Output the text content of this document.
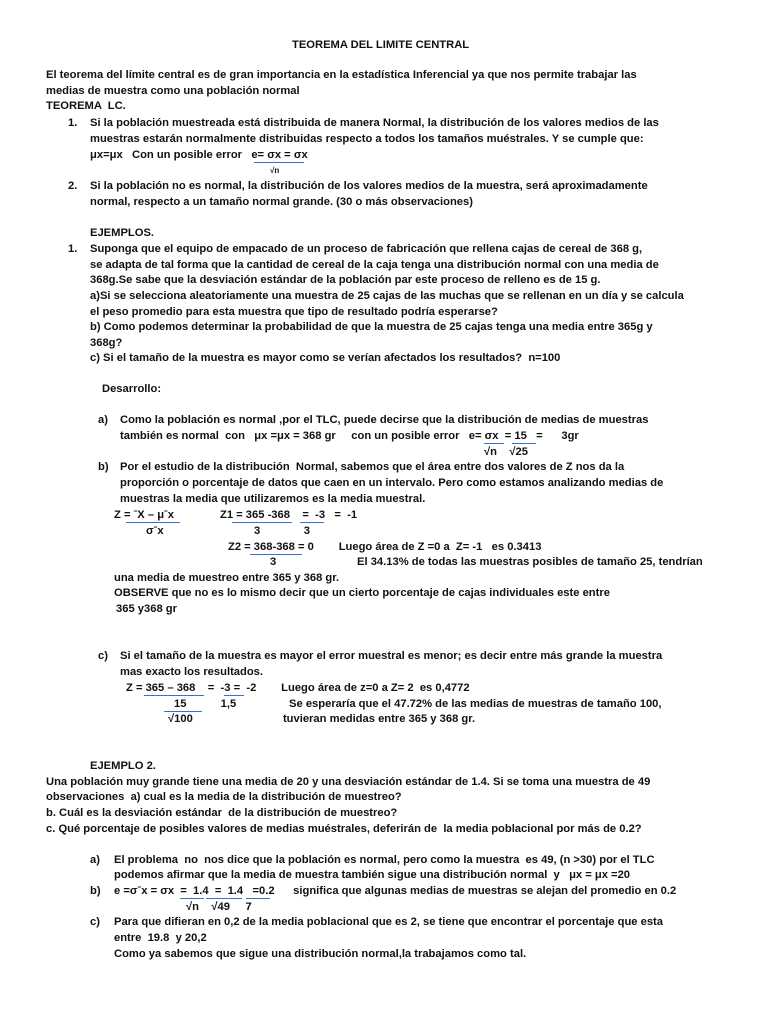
TEOREMA DEL LIMITE CENTRAL
El teorema del límite central es de gran importancia en la estadística Inferencial ya que nos permite trabajar las
medias de muestra como una población normal
TEOREMA  LC.
1. Si la población muestreada está distribuida de manera Normal, la distribución de los valores medios de las
muestras estarán normalmente distribuidas respecto a todos los tamaños muéstrales. Y se cumple que:
μx=μx   Con un posible error   e= σx = σx
√n
2. Si la población no es normal, la distribución de los valores medios de la muestra, será aproximadamente
normal, respecto a un tamaño normal grande. (30 o más observaciones)
EJEMPLOS.
1. Suponga que el equipo de empacado de un proceso de fabricación que rellena cajas de cereal de 368 g,
se adapta de tal forma que la cantidad de cereal de la caja tenga una distribución normal con una media de
368g.Se sabe que la desviación estándar de la población par este proceso de relleno es de 15 g.
a)Si se selecciona aleatoriamente una muestra de 25 cajas de las muchas que se rellenan en un día y se calcula
el peso promedio para esta muestra que tipo de resultado podría esperarse?
b) Como podemos determinar la probabilidad de que la muestra de 25 cajas tenga una media entre 365g y
368g?
c) Si el tamaño de la muestra es mayor como se verían afectados los resultados?  n=100
Desarrollo:
a) Como la población es normal ,por el TLC, puede decirse que la distribución de medias de muestras
también es normal  con   μx =μx = 368 gr     con un posible error   e= σx  = 15   =      3gr
√n    √25
b) Por el estudio de la distribución  Normal, sabemos que el área entre dos valores de Z nos da la
proporción o porcentaje de datos que caen en un intervalo. Pero como estamos analizando medias de
muestras la media que utilizaremos es la media muestral.
Z = ˉX – μˉx	Z1 = 365 -368    =  -3   =  -1
σˉx	3              3
Z2 = 368-368 = 0        Luego área de Z =0 a  Z= -1   es 0.3413
3                          El 34.13% de todas las muestras posibles de tamaño 25, tendrían
una media de muestreo entre 365 y 368 gr.
OBSERVE que no es lo mismo decir que un cierto porcentaje de cajas individuales este entre
365 y368 gr
c) Si el tamaño de la muestra es mayor el error muestral es menor; es decir entre más grande la muestra
mas exacto los resultados.
Z = 365 – 368    =  -3 =  -2        Luego área de z=0 a Z= 2  es 0,4772
15           1,5                 Se esperaría que el 47.72% de las medias de muestras de tamaño 100,
√100                             tuvieran medidas entre 365 y 368 gr.
EJEMPLO 2.
Una población muy grande tiene una media de 20 y una desviación estándar de 1.4. Si se toma una muestra de 49
observaciones  a) cual es la media de la distribución de muestreo?
b. Cuál es la desviación estándar  de la distribución de muestreo?
c. Qué porcentaje de posibles valores de medias muéstrales, deferirán de  la media poblacional por más de 0.2?
a) El problema  no  nos dice que la población es normal, pero como la muestra  es 49, (n >30) por el TLC
podemos afirmar que la media de muestra también sigue una distribución normal  y   μx = μx =20
b) e =σˉx = σx  =  1.4  =  1.4   =0.2      significa que algunas medias de muestras se alejan del promedio en 0.2
√n    √49     7
c) Para que difieran en 0,2 de la media poblacional que es 2, se tiene que encontrar el porcentaje que esta
entre  19.8  y 20,2
Como ya sabemos que sigue una distribución normal,la trabajamos como tal.
